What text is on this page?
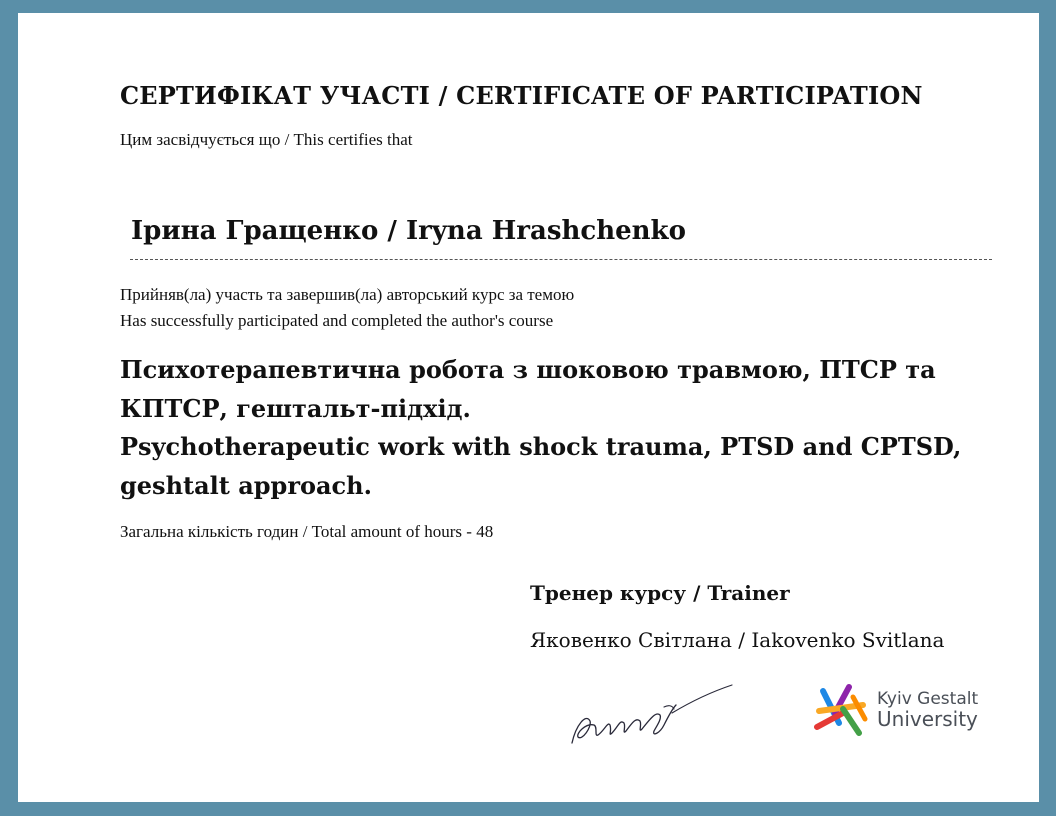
СЕРТИФІКАТ УЧАСТІ / CERTIFICATE OF PARTICIPATION
Цим засвідчується що / This certifies that
Ірина Гращенко / Iryna Hrashchenko
Прийняв(ла) участь та завершив(ла) авторський курс за темою
Has successfully participated and completed the author's course
Психотерапевтична робота з шоковою травмою, ПТСР та
КПТСР, гештальт-підхід.
Psychotherapeutic work with shock trauma, PTSD and CPTSD,
geshtalt approach.
Загальна кількість годин / Total amount of hours - 48
Тренер курсу / Trainer
Яковенко Світлана / Iakovenko Svitlana
Kyiv Gestalt
University
